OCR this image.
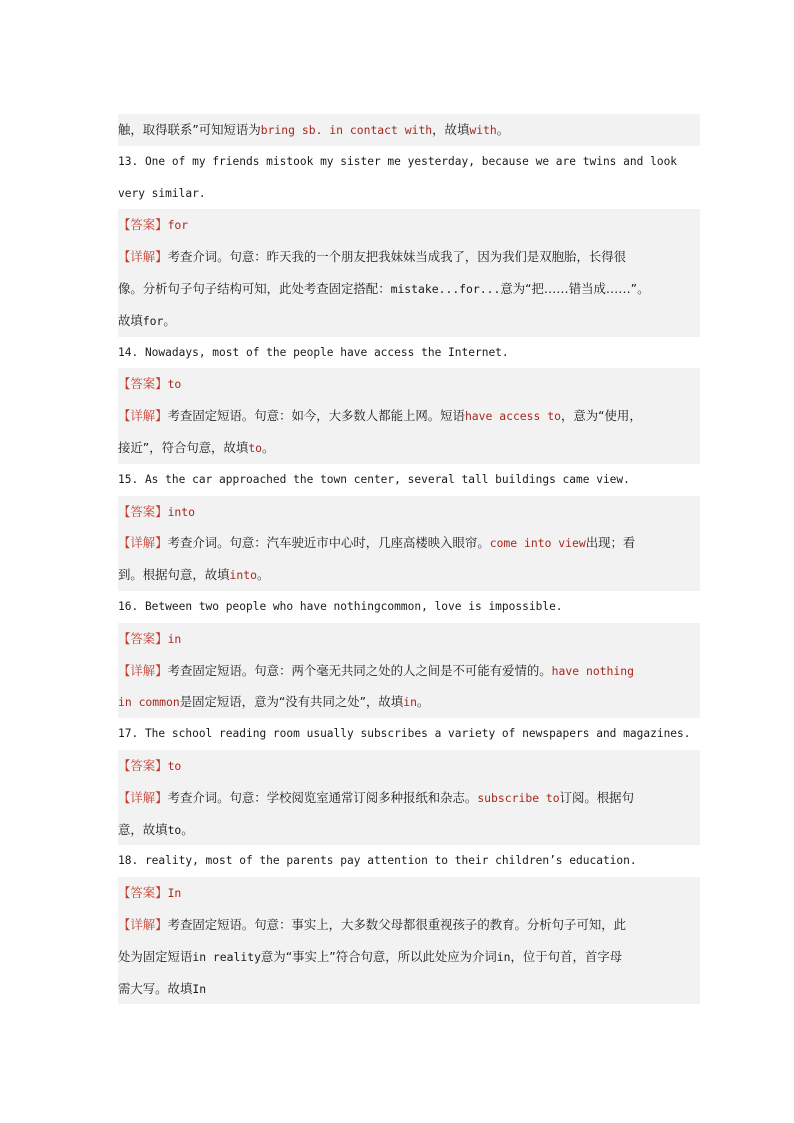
触，取得联系”可知短语为bring sb. in contact with，故填with。
13. One of my friends mistook my sister me yesterday, because we are twins and look
very similar.
【答案】for
【详解】考查介词。句意：昨天我的一个朋友把我妹妹当成我了，因为我们是双胞胎，长得很
像。分析句子句子结构可知，此处考查固定搭配：mistake...for...意为“把……错当成……”。
故填for。
14. Nowadays, most of the people have access the Internet.
【答案】to
【详解】考查固定短语。句意：如今，大多数人都能上网。短语have access to，意为“使用，
接近”，符合句意，故填to。
15. As the car approached the town center, several tall buildings came view.
【答案】into
【详解】考查介词。句意：汽车驶近市中心时，几座高楼映入眼帘。come into view出现；看
到。根据句意，故填into。
16. Between two people who have nothingcommon, love is impossible.
【答案】in
【详解】考查固定短语。句意：两个毫无共同之处的人之间是不可能有爱情的。have nothing
in common是固定短语，意为“没有共同之处”，故填in。
17. The school reading room usually subscribes a variety of newspapers and magazines.
【答案】to
【详解】考查介词。句意：学校阅览室通常订阅多种报纸和杂志。subscribe to订阅。根据句
意，故填to。
18. reality, most of the parents pay attention to their children’s education.
【答案】In
【详解】考查固定短语。句意：事实上，大多数父母都很重视孩子的教育。分析句子可知，此
处为固定短语in reality意为“事实上”符合句意，所以此处应为介词in，位于句首，首字母
需大写。故填In
